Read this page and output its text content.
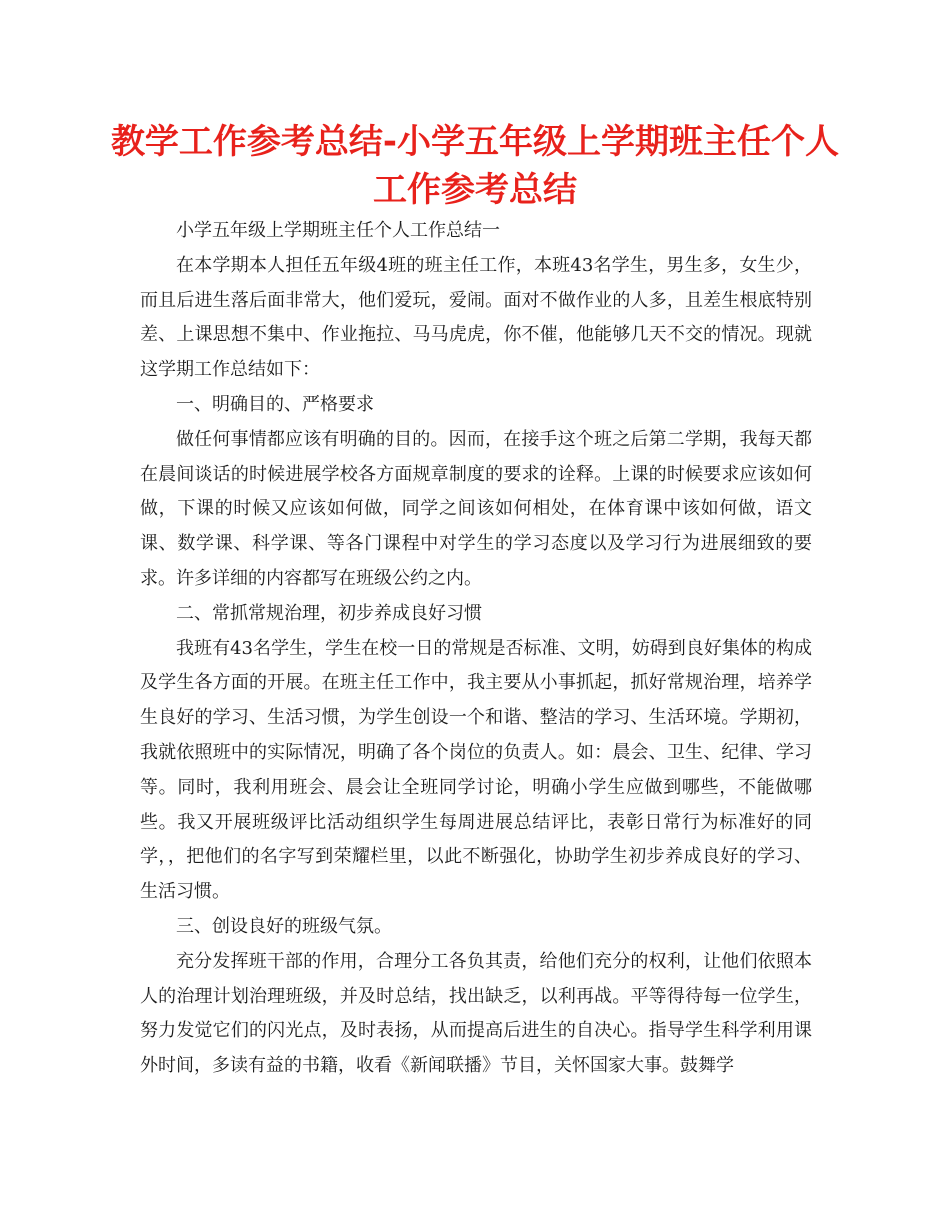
教学工作参考总结-小学五年级上学期班主任个人工作参考总结

小学五年级上学期班主任个人工作总结一

在本学期本人担任五年级4班的班主任工作，本班43名学生，男生多，女生少，而且后进生落后面非常大，他们爱玩，爱闹。面对不做作业的人多，且差生根底特别差、上课思想不集中、作业拖拉、马马虎虎，你不催，他能够几天不交的情况。现就这学期工作总结如下：

一、明确目的、严格要求

做任何事情都应该有明确的目的。因而，在接手这个班之后第二学期，我每天都在晨间谈话的时候进展学校各方面规章制度的要求的诠释。上课的时候要求应该如何做，下课的时候又应该如何做，同学之间该如何相处，在体育课中该如何做，语文课、数学课、科学课、等各门课程中对学生的学习态度以及学习行为进展细致的要求。许多详细的内容都写在班级公约之内。

二、常抓常规治理，初步养成良好习惯

我班有43名学生，学生在校一日的常规是否标准、文明，妨碍到良好集体的构成及学生各方面的开展。在班主任工作中，我主要从小事抓起，抓好常规治理，培养学生良好的学习、生活习惯，为学生创设一个和谐、整洁的学习、生活环境。学期初，我就依照班中的实际情况，明确了各个岗位的负责人。如：晨会、卫生、纪律、学习等。同时，我利用班会、晨会让全班同学讨论，明确小学生应做到哪些，不能做哪些。我又开展班级评比活动组织学生每周进展总结评比，表彰日常行为标准好的同学，，把他们的名字写到荣耀栏里，以此不断强化，协助学生初步养成良好的学习、生活习惯。

三、创设良好的班级气氛。

充分发挥班干部的作用，合理分工各负其责，给他们充分的权利，让他们依照本人的治理计划治理班级，并及时总结，找出缺乏，以利再战。平等得待每一位学生，努力发觉它们的闪光点，及时表扬，从而提高后进生的自决心。指导学生科学利用课外时间，多读有益的书籍，收看《新闻联播》节目，关怀国家大事。鼓舞学
